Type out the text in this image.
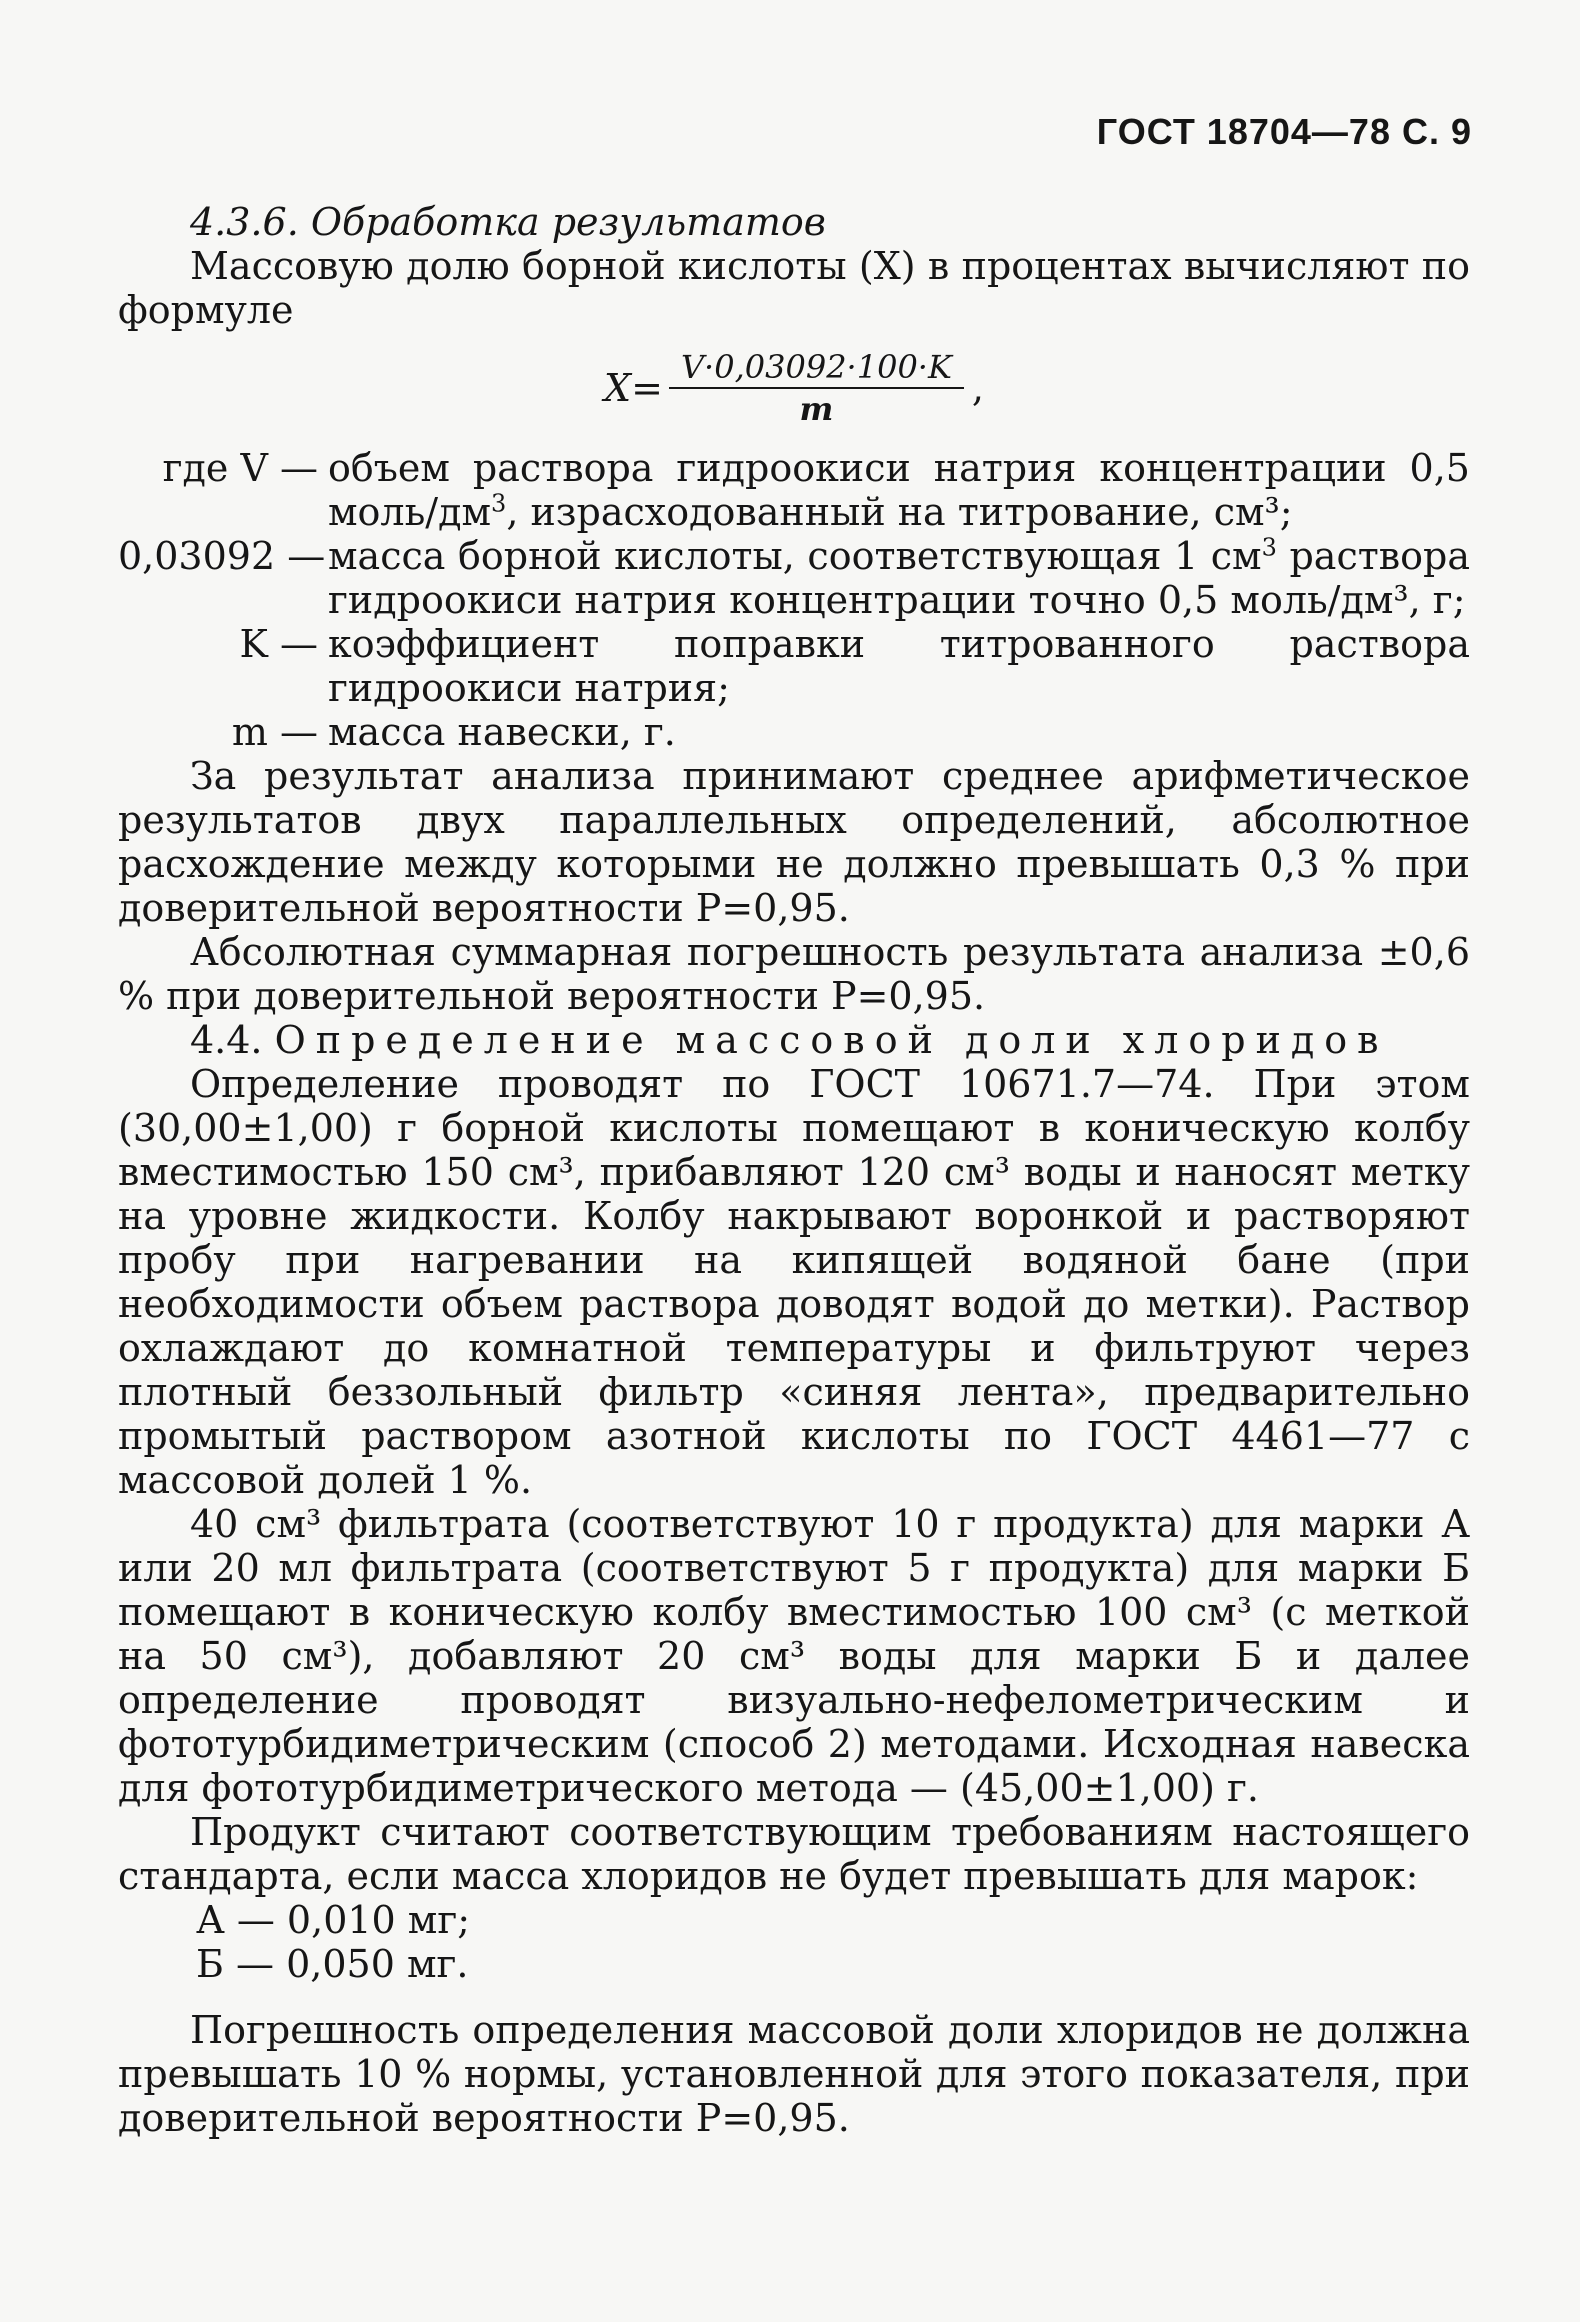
ГОСТ 18704—78 С. 9

4.3.6. Обработка результатов

Массовую долю борной кислоты (X) в процентах вычисляют по формуле

$X= \frac{V\cdot 0,03092\cdot 100\cdot K}{m}$ ,
где V — объем раствора гидроокиси натрия концентрации 0,5 моль/$дм^3$, израсходованный на титрование, см³;
0,03092 — масса борной кислоты, соответствующая 1 $см^3$ раствора гидроокиси натрия концентрации точно 0,5 моль/дм³, г;
K — коэффициент поправки титрованного раствора гидроокиси натрия;
m — масса навески, г.

За результат анализа принимают среднее арифметическое результатов двух параллельных определений, абсолютное расхождение между которыми не должно превышать 0,3 % при доверительной вероятности P=0,95.

Абсолютная суммарная погрешность результата анализа ±0,6 % при доверительной вероятности P=0,95.

4.4. Определение массовой доли хлоридов

Определение проводят по ГОСТ 10671.7—74. При этом (30,00±1,00) г борной кислоты помещают в коническую колбу вместимостью 150 см³, прибавляют 120 см³ воды и наносят метку на уровне жидкости. Колбу накрывают воронкой и растворяют пробу при нагревании на кипящей водяной бане (при необходимости объем раствора доводят водой до метки). Раствор охлаждают до комнатной температуры и фильтруют через плотный беззольный фильтр «синяя лента», предварительно промытый раствором азотной кислоты по ГОСТ 4461—77 с массовой долей 1 %.

40 см³ фильтрата (соответствуют 10 г продукта) для марки А или 20 мл фильтрата (соответствуют 5 г продукта) для марки Б помещают в коническую колбу вместимостью 100 см³ (с меткой на 50 см³), добавляют 20 см³ воды для марки Б и далее определение проводят визуально-нефелометрическим и фототурбидиметрическим (способ 2) методами. Исходная навеска для фототурбидиметрического метода — (45,00±1,00) г.

Продукт считают соответствующим требованиям настоящего стандарта, если масса хлоридов не будет превышать для марок:

А — 0,010 мг;
Б — 0,050 мг.

Погрешность определения массовой доли хлоридов не должна превышать 10 % нормы, установленной для этого показателя, при доверительной вероятности P=0,95.
